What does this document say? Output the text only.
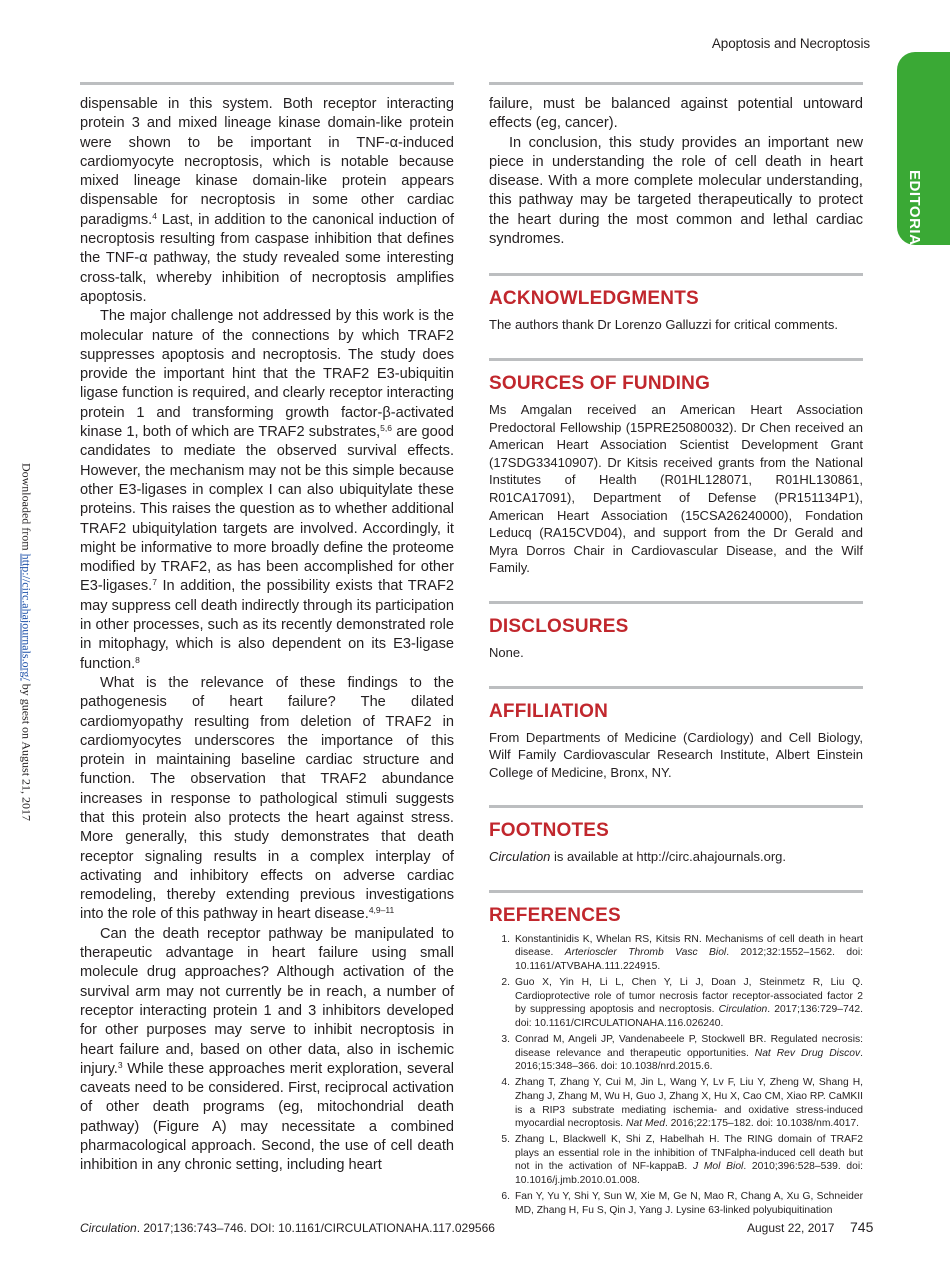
Apoptosis and Necroptosis
EDITORIAL
Downloaded from http://circ.ahajournals.org/ by guest on August 21, 2017

dispensable in this system. Both receptor interacting protein 3 and mixed lineage kinase domain-like protein were shown to be important in TNF-α-induced cardiomyocyte necroptosis, which is notable because mixed lineage kinase domain-like protein appears dispensable for necroptosis in some other cardiac paradigms.$^4$ Last, in addition to the canonical induction of necroptosis resulting from caspase inhibition that defines the TNF-α pathway, the study revealed some interesting cross-talk, whereby inhibition of necroptosis amplifies apoptosis.

The major challenge not addressed by this work is the molecular nature of the connections by which TRAF2 suppresses apoptosis and necroptosis. The study does provide the important hint that the TRAF2 E3-ubiquitin ligase function is required, and clearly receptor interacting protein 1 and transforming growth factor-β-activated kinase 1, both of which are TRAF2 substrates,$^{5,6}$ are good candidates to mediate the observed survival effects. However, the mechanism may not be this simple because other E3-ligases in complex I can also ubiquitylate these proteins. This raises the question as to whether additional TRAF2 ubiquitylation targets are involved. Accordingly, it might be informative to more broadly define the proteome modified by TRAF2, as has been accomplished for other E3-ligases.$^7$ In addition, the possibility exists that TRAF2 may suppress cell death indirectly through its participation in other processes, such as its recently demonstrated role in mitophagy, which is also dependent on its E3-ligase function.$^8$

What is the relevance of these findings to the pathogenesis of heart failure? The dilated cardiomyopathy resulting from deletion of TRAF2 in cardiomyocytes underscores the importance of this protein in maintaining baseline cardiac structure and function. The observation that TRAF2 abundance increases in response to pathological stimuli suggests that this protein also protects the heart against stress. More generally, this study demonstrates that death receptor signaling results in a complex interplay of activating and inhibitory effects on adverse cardiac remodeling, thereby extending previous investigations into the role of this pathway in heart disease.$^{4,9-11}$

Can the death receptor pathway be manipulated to therapeutic advantage in heart failure using small molecule drug approaches? Although activation of the survival arm may not currently be in reach, a number of receptor interacting protein 1 and 3 inhibitors developed for other purposes may serve to inhibit necroptosis in heart failure and, based on other data, also in ischemic injury.$^3$ While these approaches merit exploration, several caveats need to be considered. First, reciprocal activation of other death programs (eg, mitochondrial death pathway) (Figure A) may necessitate a combined pharmacological approach. Second, the use of cell death inhibition in any chronic setting, including heart

failure, must be balanced against potential untoward effects (eg, cancer).

In conclusion, this study provides an important new piece in understanding the role of cell death in heart disease. With a more complete molecular understanding, this pathway may be targeted therapeutically to protect the heart during the most common and lethal cardiac syndromes.

ACKNOWLEDGMENTS

The authors thank Dr Lorenzo Galluzzi for critical comments.

SOURCES OF FUNDING

Ms Amgalan received an American Heart Association Predoctoral Fellowship (15PRE25080032). Dr Chen received an American Heart Association Scientist Development Grant (17SDG33410907). Dr Kitsis received grants from the National Institutes of Health (R01HL128071, R01HL130861, R01CA17091), Department of Defense (PR151134P1), American Heart Association (15CSA26240000), Fondation Leducq (RA15CVD04), and support from the Dr Gerald and Myra Dorros Chair in Cardiovascular Disease, and the Wilf Family.

DISCLOSURES

None.

AFFILIATION

From Departments of Medicine (Cardiology) and Cell Biology, Wilf Family Cardiovascular Research Institute, Albert Einstein College of Medicine, Bronx, NY.

FOOTNOTES

Circulation is available at http://circ.ahajournals.org.

REFERENCES
1. Konstantinidis K, Whelan RS, Kitsis RN. Mechanisms of cell death in heart disease. Arterioscler Thromb Vasc Biol. 2012;32:1552–1562. doi: 10.1161/ATVBAHA.111.224915.
2. Guo X, Yin H, Li L, Chen Y, Li J, Doan J, Steinmetz R, Liu Q. Cardioprotective role of tumor necrosis factor receptor-associated factor 2 by suppressing apoptosis and necroptosis. Circulation. 2017;136:729–742. doi: 10.1161/CIRCULATIONAHA.116.026240.
3. Conrad M, Angeli JP, Vandenabeele P, Stockwell BR. Regulated necrosis: disease relevance and therapeutic opportunities. Nat Rev Drug Discov. 2016;15:348–366. doi: 10.1038/nrd.2015.6.
4. Zhang T, Zhang Y, Cui M, Jin L, Wang Y, Lv F, Liu Y, Zheng W, Shang H, Zhang J, Zhang M, Wu H, Guo J, Zhang X, Hu X, Cao CM, Xiao RP. CaMKII is a RIP3 substrate mediating ischemia- and oxidative stress-induced myocardial necroptosis. Nat Med. 2016;22:175–182. doi: 10.1038/nm.4017.
5. Zhang L, Blackwell K, Shi Z, Habelhah H. The RING domain of TRAF2 plays an essential role in the inhibition of TNFalpha-induced cell death but not in the activation of NF-kappaB. J Mol Biol. 2010;396:528–539. doi: 10.1016/j.jmb.2010.01.008.
6. Fan Y, Yu Y, Shi Y, Sun W, Xie M, Ge N, Mao R, Chang A, Xu G, Schneider MD, Zhang H, Fu S, Qin J, Yang J. Lysine 63-linked polyubiquitination
Circulation. 2017;136:743–746. DOI: 10.1161/CIRCULATIONAHA.117.029566	August 22, 2017 745
